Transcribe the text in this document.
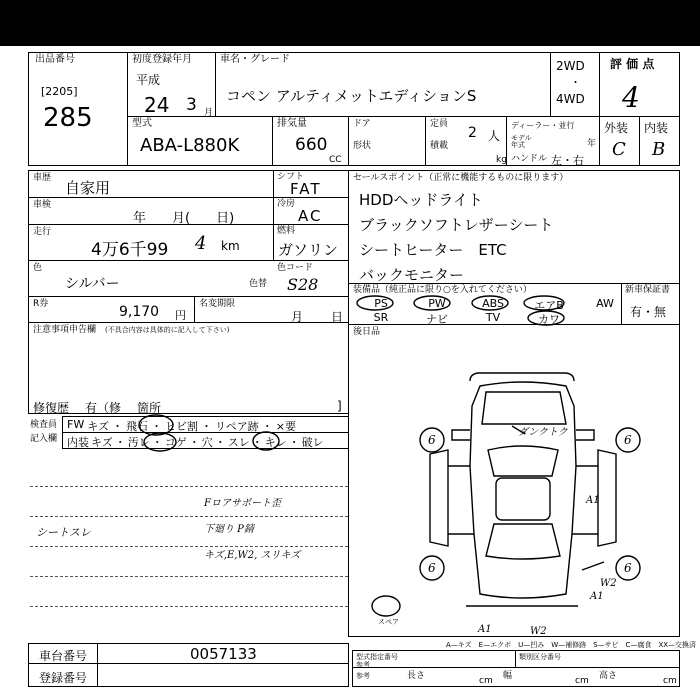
出品番号
[2205]
285
初度登録年月
平成
24 3 月
車名・グレード
コペン アルティメットエディションS
2WD
・
4WD
評 価 点
4
型式
ABA-L880K
排気量
660
CC
ドア
形状
定員
2 人
積載
kg
ディーラー・並行
モデル年式	年
ハンドル 左・右
外装
C
内装
B
車歴
自家用
シフト
FAT
車検
年　　月(　　日)
冷房
AC
走行
4万6千99 4 km
燃料
ガソリン
色
シルバー	色替
色コード
S28
R券	9,170 円
名変期限
月 日
注意事項申告欄 (不具合内容は具体的に記入して下さい)
修復歴 有（修 箇所	]
検査員
記入欄
FW キズ ・ 飛石 ・ ヒビ割 ・ リペア跡 ・ ×要
内装 キズ ・ 汚レ ・ コゲ ・ 穴 ・ スレ ・ キレ ・ 破レ
セールスポイント（正常に機能するものに限ります）
HDDヘッドライト
ブラックソフトレザーシート
シートヒーター　ETC
バックモニター
装備品（純正品に限り○を入れてください）
PS	PW	ABS	エアB	AW
SR	ナビ	TV	カワ
新車保証書
有・無
後日品
6	6
6	6
ダンクトク
A1
A1
W2
A1	W2
スペア
A—キズ　E—エクボ　U—凹み　W—補修跡　S—サビ　C—腐食　XX—交換済
シートスレ
Fロアサポート歪
下廻り P錆
キズ,E,W2, スリキズ
車台番号	0057133
登録番号
型式指定番号
参考
類別区分番号
参考	長さ	cm 幅	cm 高さ	cm
